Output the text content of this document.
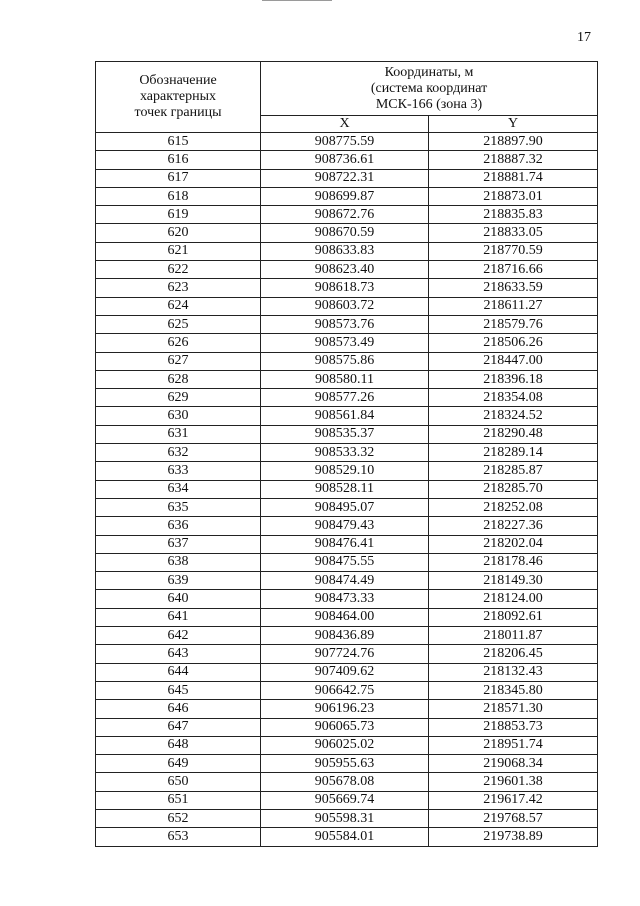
17
Обозначение
характерных
точек границы	Координаты, м
(система координат
МСК-166 (зона 3)	

	X	Y
615	908775.59	218897.90
616	908736.61	218887.32
617	908722.31	218881.74
618	908699.87	218873.01
619	908672.76	218835.83
620	908670.59	218833.05
621	908633.83	218770.59
622	908623.40	218716.66
623	908618.73	218633.59
624	908603.72	218611.27
625	908573.76	218579.76
626	908573.49	218506.26
627	908575.86	218447.00
628	908580.11	218396.18
629	908577.26	218354.08
630	908561.84	218324.52
631	908535.37	218290.48
632	908533.32	218289.14
633	908529.10	218285.87
634	908528.11	218285.70
635	908495.07	218252.08
636	908479.43	218227.36
637	908476.41	218202.04
638	908475.55	218178.46
639	908474.49	218149.30
640	908473.33	218124.00
641	908464.00	218092.61
642	908436.89	218011.87
643	907724.76	218206.45
644	907409.62	218132.43
645	906642.75	218345.80
646	906196.23	218571.30
647	906065.73	218853.73
648	906025.02	218951.74
649	905955.63	219068.34
650	905678.08	219601.38
651	905669.74	219617.42
652	905598.31	219768.57
653	905584.01	219738.89
